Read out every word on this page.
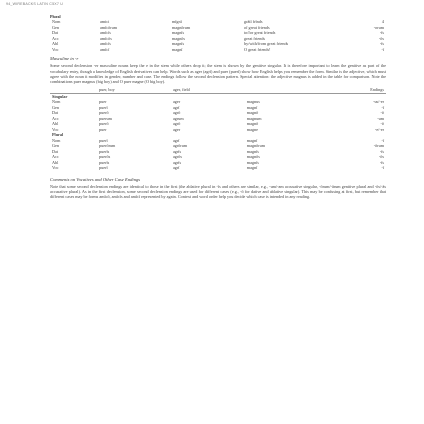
94_WIREBACKS LATIN C5X7 U
Plural
Nom	amici	mīgnī	grātī frīnds	4
Gen	amīcōrum	magnōrum	of great friends	-orum
Dat	amīcīs	magnīs	to/for great friends	-īs
Acc	amīcōs	magnōs	great friends	-ōs
Abl	amīcīs	magnīs	by/with/from great friends	-īs
Voc	amīcī	magnī	O great friends!	-ī
Masculine in -r

Some second declension -er masculine nouns keep the e in the stem while others drop it; the stem is shown by the genitive singular. It is therefore important to learn the genitive as part of the vocabulary entry, though a knowledge of English derivatives can help. Words such as ager (agrī) and puer (puerī) show how English helps you remember the form. Similar is the adjective, which must agree with the noun it modifies in gender, number and case. The endings follow the second declension pattern. Special attention: the adjective magnus is added in the table for comparison. Note the combinations puer magnus (big boy) and O puer magne (O big boy).

	puer, boy	ager, field		Endings
Singular				
Nom	puer	ager	magnus	-us/-er
Gen	puerī	agrī	magnī	-ī
Dat	puerō	agrō	magnō	-ō
Acc	puerum	agrum	magnum	-um
Abl	puerō	agrō	magnō	-ō
Voc	puer	ager	magne	-e/-er
Plural				
Nom	puerī	agrī	magnī	-ī
Gen	puerōrum	agrōrum	magnōrum	-ōrum
Dat	puerīs	agrīs	magnīs	-īs
Acc	puerōs	agrōs	magnōs	-ōs
Abl	puerīs	agrīs	magnīs	-īs
Voc	puerī	agrī	magnī	-ī
Comments on Vocatives and Other Case Endings

Note that some second declension endings are identical to those in the first (the ablative plural in -īs and others are similar, e.g., -um/-am accusative singular, -ōrum/-ārum genitive plural and -ōs/-ās accusative plural). As in the first declension, some second declension endings are used for different cases (e.g., -ō for dative and ablative singular). This may be confusing at first, but remember that different cases may be forms amīcō, amīcīs and amīcī represented by again. Context and word order help you decide which case is intended in any reading.
